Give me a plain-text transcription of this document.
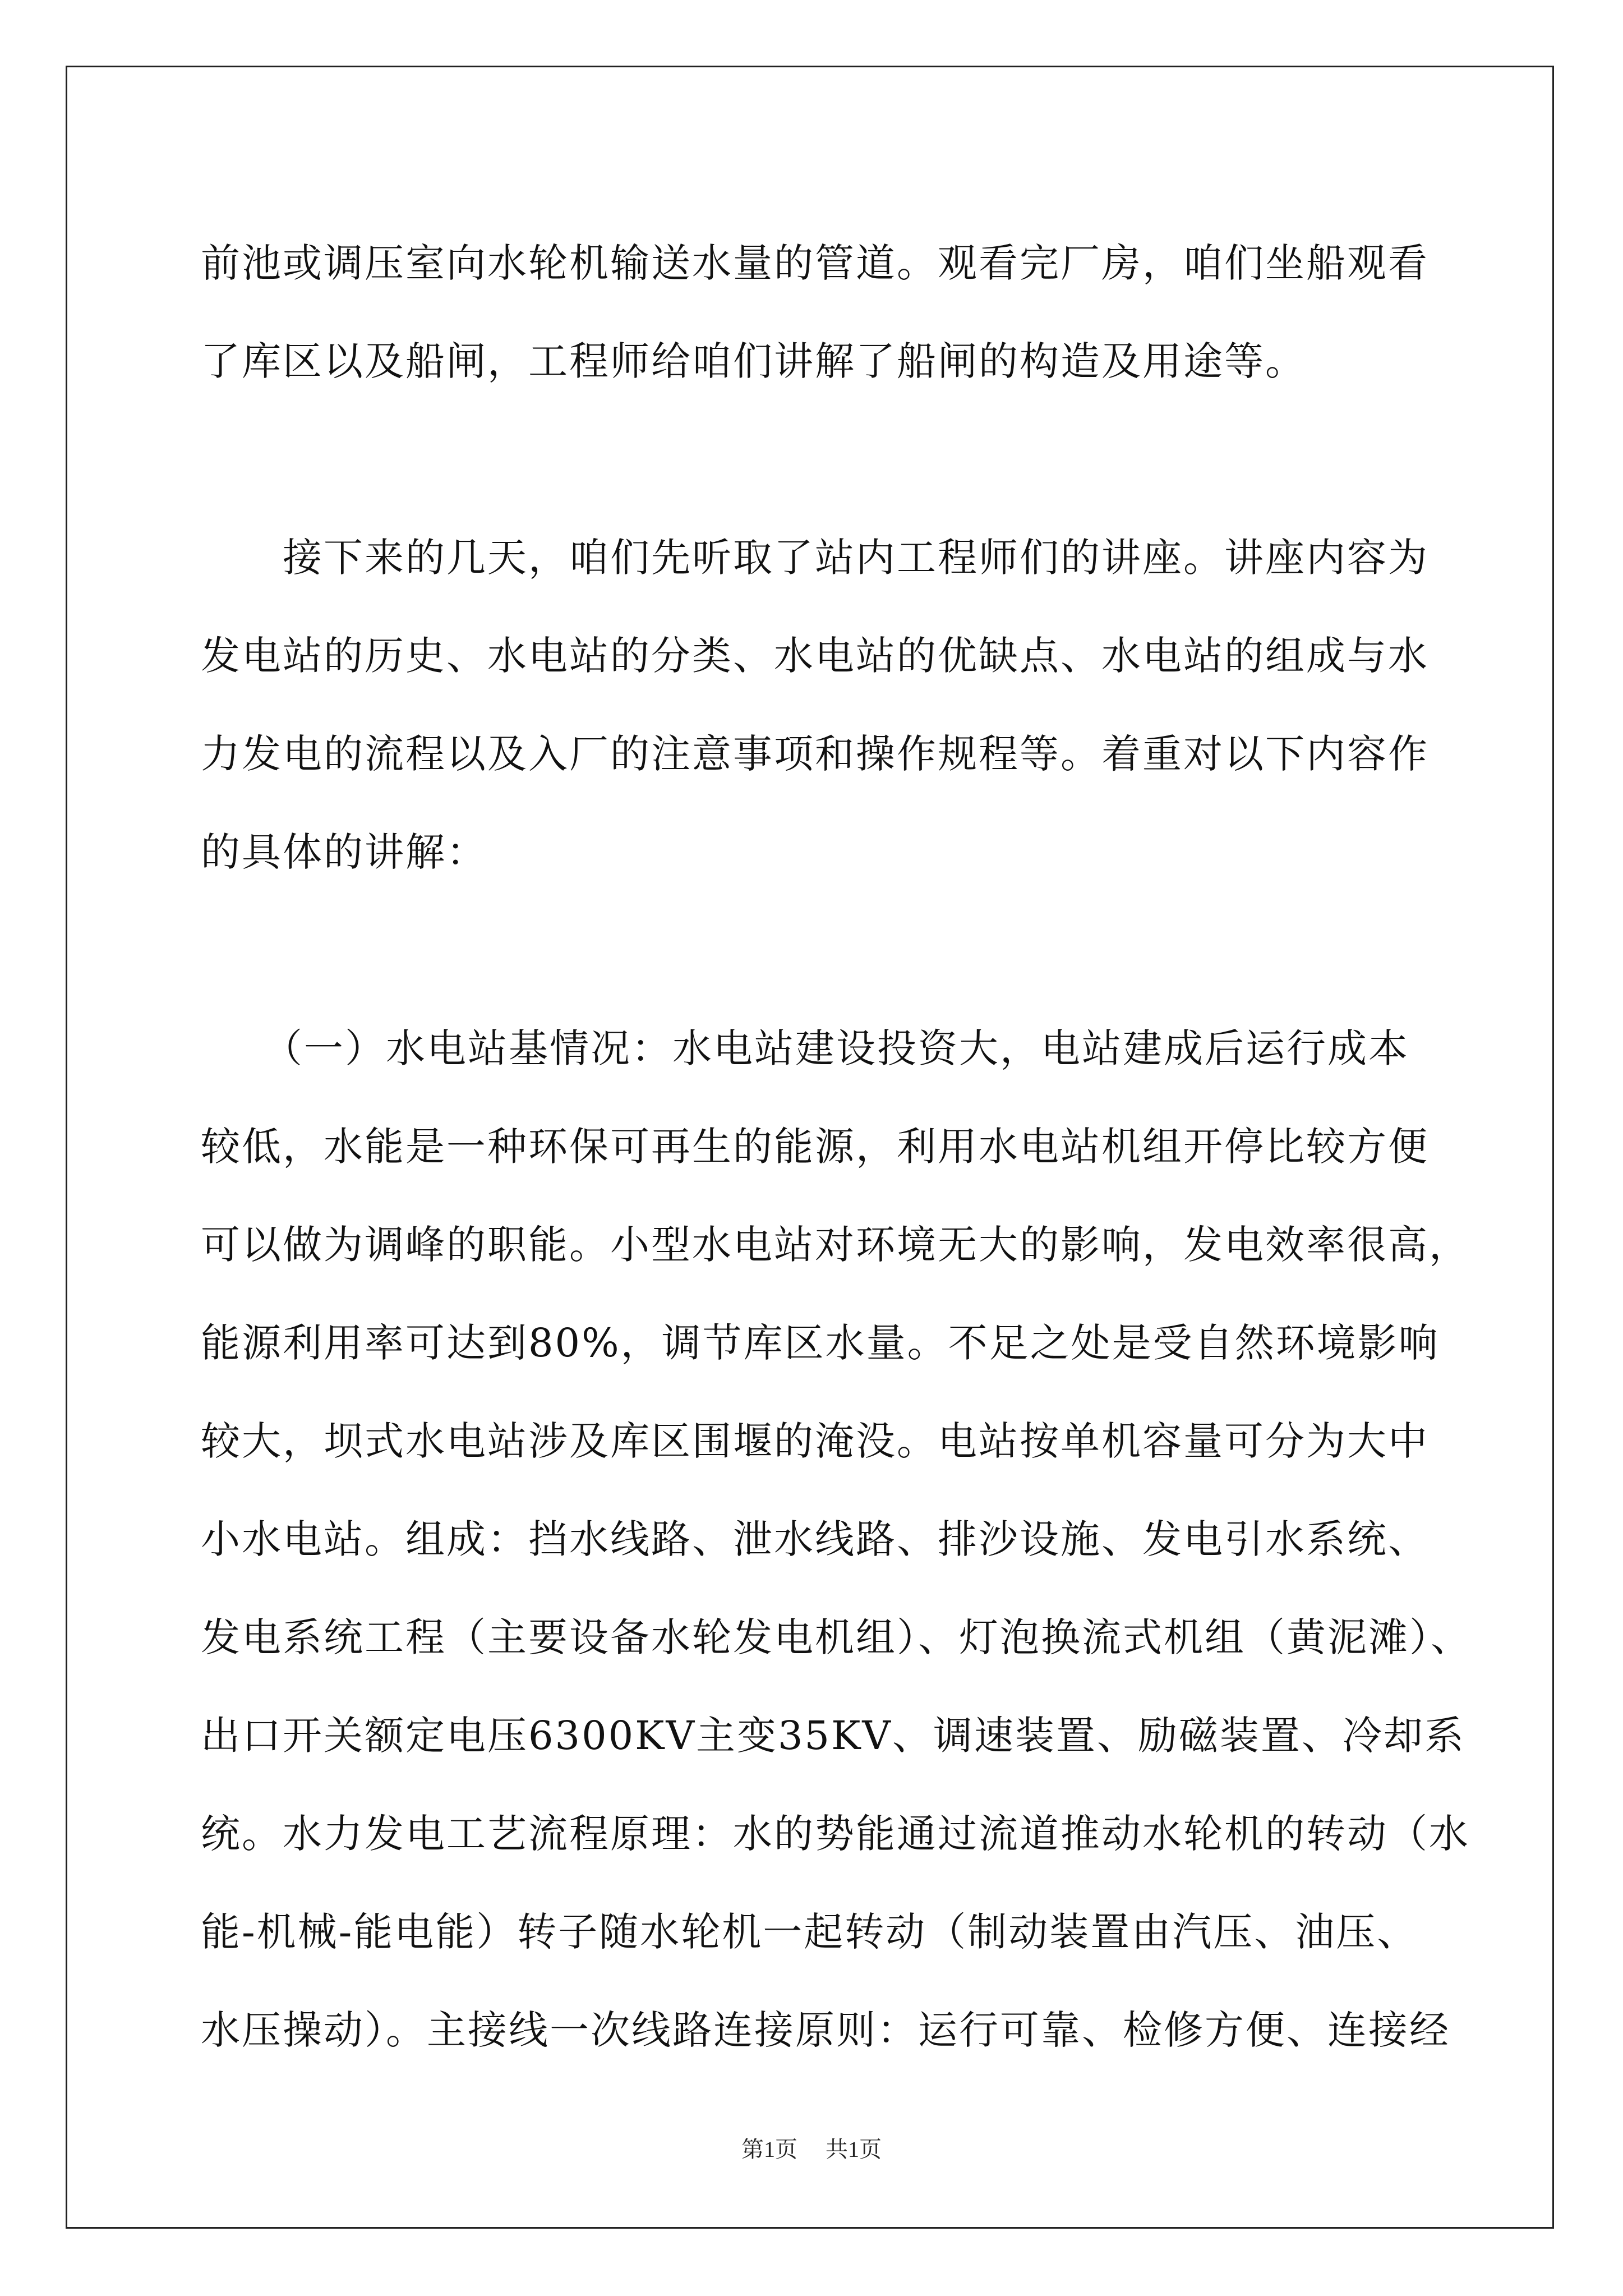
前池或调压室向水轮机输送水量的管道。观看完厂房，咱们坐船观看
了库区以及船闸，工程师给咱们讲解了船闸的构造及用途等。
　　接下来的几天，咱们先听取了站内工程师们的讲座。讲座内容为
发电站的历史、水电站的分类、水电站的优缺点、水电站的组成与水
力发电的流程以及入厂的注意事项和操作规程等。着重对以下内容作
的具体的讲解：
　　（一）水电站基情况：水电站建设投资大，电站建成后运行成本
较低，水能是一种环保可再生的能源，利用水电站机组开停比较方便
可以做为调峰的职能。小型水电站对环境无大的影响，发电效率很高，
能源利用率可达到80%，调节库区水量。不足之处是受自然环境影响
较大，坝式水电站涉及库区围堰的淹没。电站按单机容量可分为大中
小水电站。组成：挡水线路、泄水线路、排沙设施、发电引水系统、
发电系统工程（主要设备水轮发电机组）、灯泡换流式机组（黄泥滩）、
出口开关额定电压6300KV主变35KV、调速装置、励磁装置、冷却系
统。水力发电工艺流程原理：水的势能通过流道推动水轮机的转动（水
能-机械-能电能）转子随水轮机一起转动（制动装置由汽压、油压、
水压操动）。主接线一次线路连接原则：运行可靠、检修方便、连接经
第1页 共1页
